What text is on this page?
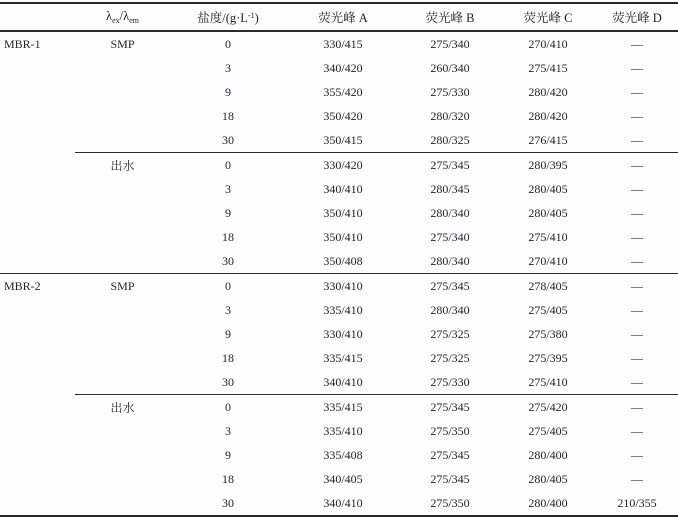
	$\lambda_{ex}/\lambda_{em}$	盐度$/(g\cdot L^{-1})$	荧光峰 A	荧光峰 B	荧光峰 C	荧光峰 D
MBR-1	SMP	0	330/415	275/340	270/410	—
		3	340/420	260/340	275/415	—
		9	355/420	275/330	280/420	—
		18	350/420	280/320	280/420	—
		30	350/415	280/325	276/415	—
	出水	0	330/420	275/345	280/395	—
		3	340/410	280/345	280/405	—
		9	350/410	280/340	280/405	—
		18	350/410	275/340	275/410	—
		30	350/408	280/340	270/410	—
MBR-2	SMP	0	330/410	275/345	278/405	—
		3	335/410	280/340	275/405	—
		9	330/410	275/325	275/380	—
		18	335/415	275/325	275/395	—
		30	340/410	275/330	275/410	—
	出水	0	335/415	275/345	275/420	—
		3	335/410	275/350	275/405	—
		9	335/408	275/345	280/400	—
		18	340/405	275/345	280/405	—
		30	340/410	275/350	280/400	210/355
